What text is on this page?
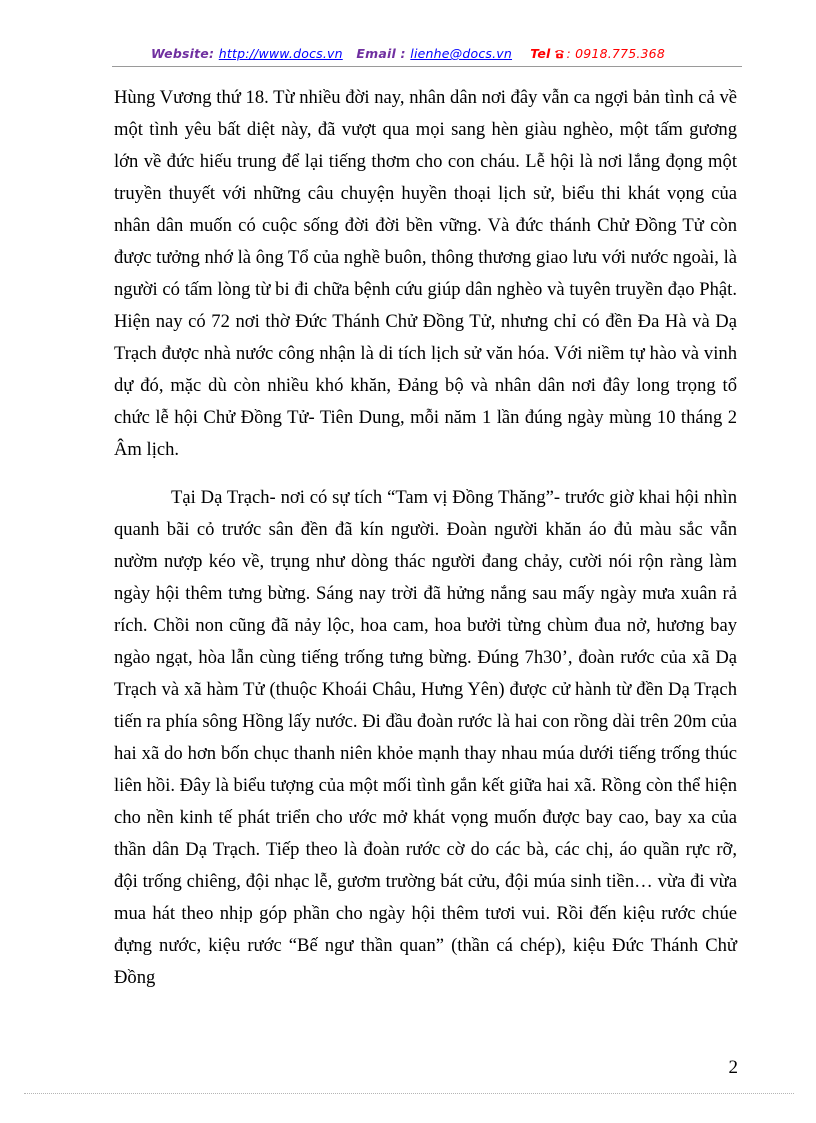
Website: http://www.docs.vn Email : lienhe@docs.vn Tel : 0918.775.368

Hùng Vương thứ 18. Từ nhiều đời nay, nhân dân nơi đây vẫn ca ngợi bản tình cả về một tình yêu bất diệt này, đã vượt qua mọi sang hèn giàu nghèo, một tấm gương lớn về đức hiếu trung để lại tiếng thơm cho con cháu. Lễ hội là nơi lắng đọng một truyền thuyết với những câu chuyện huyền thoại lịch sử, biểu thi khát vọng của nhân dân muốn có cuộc sống đời đời bền vững. Và đức thánh Chử Đồng Tử còn được tưởng nhớ là ông Tổ của nghề buôn, thông thương giao lưu với nước ngoài, là người có tấm lòng từ bi đi chữa bệnh cứu giúp dân nghèo và tuyên truyền đạo Phật. Hiện nay có 72 nơi thờ Đức Thánh Chử Đồng Tử, nhưng chỉ có đền Đa Hà và Dạ Trạch được nhà nước công nhận là di tích lịch sử văn hóa. Với niềm tự hào và vinh dự đó, mặc dù còn nhiều khó khăn, Đảng bộ và nhân dân nơi đây long trọng tổ chức lễ hội Chử Đồng Tử- Tiên Dung, mỗi năm 1 lần đúng ngày mùng 10 tháng 2 Âm lịch.

Tại Dạ Trạch- nơi có sự tích “Tam vị Đồng Thăng”- trước giờ khai hội nhìn quanh bãi cỏ trước sân đền đã kín người. Đoàn người khăn áo đủ màu sắc vẫn nườm nượp kéo về, trụng như dòng thác người đang chảy, cười nói rộn ràng làm ngày hội thêm tưng bừng. Sáng nay trời đã hửng nắng sau mấy ngày mưa xuân rả rích. Chồi non cũng đã nảy lộc, hoa cam, hoa bưởi từng chùm đua nở, hương bay ngào ngạt, hòa lẫn cùng tiếng trống tưng bừng. Đúng 7h30’, đoàn rước của xã Dạ Trạch và xã hàm Tử (thuộc Khoái Châu, Hưng Yên) được cử hành từ đền Dạ Trạch tiến ra phía sông Hồng lấy nước. Đi đầu đoàn rước là hai con rồng dài trên 20m của hai xã do hơn bốn chục thanh niên khỏe mạnh thay nhau múa dưới tiếng trống thúc liên hồi. Đây là biểu tượng của một mối tình gắn kết giữa hai xã. Rồng còn thể hiện cho nền kinh tế phát triển cho ước mở khát vọng muốn được bay cao, bay xa của thần dân Dạ Trạch. Tiếp theo là đoàn rước cờ do các bà, các chị, áo quần rực rỡ, đội trống chiêng, đội nhạc lễ, gươm trường bát cửu, đội múa sinh tiền… vừa đi vừa mua hát theo nhịp góp phần cho ngày hội thêm tươi vui. Rồi đến kiệu rước chúe đựng nước, kiệu rước “Bế ngư thần quan” (thần cá chép), kiệu Đức Thánh Chử Đồng

2
